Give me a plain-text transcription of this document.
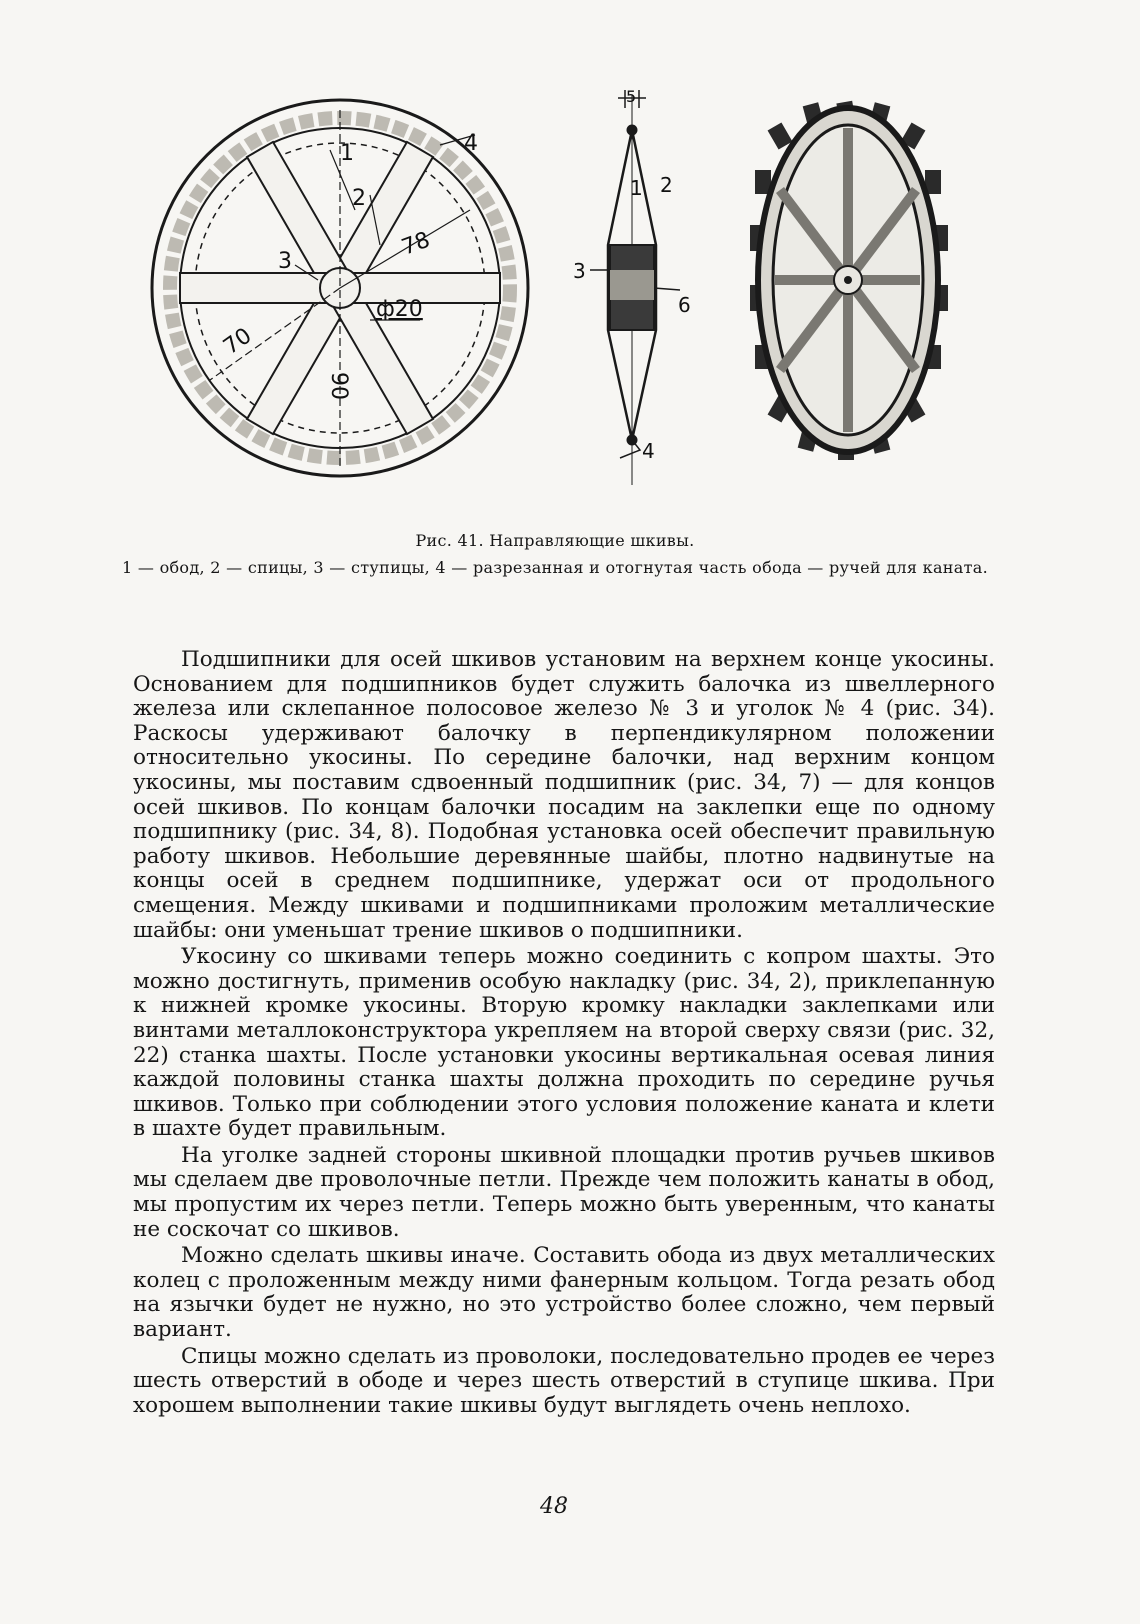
1
2
3
4
78
70
90
ф20
5
1 2
3
6
4
Рис. 41. Направляющие шкивы.
1 — обод, 2 — спицы, 3 — ступицы, 4 — разрезанная и отогнутая часть обода — ручей для каната.

Подшипники для осей шкивов установим на верхнем конце укосины. Основанием для подшипников будет служить балочка из швеллерного железа или склепанное полосовое железо № 3 и уголок № 4 (рис. 34). Раскосы удерживают балочку в перпендикулярном положении относительно укосины. По середине балочки, над верхним концом укосины, мы поставим сдвоенный подшипник (рис. 34, 7) — для концов осей шкивов. По концам балочки посадим на заклепки еще по одному подшипнику (рис. 34, 8). Подобная установка осей обеспечит правильную работу шкивов. Небольшие деревянные шайбы, плотно надвинутые на концы осей в среднем подшипнике, удержат оси от продольного смещения. Между шкивами и подшипниками проложим металлические шайбы: они уменьшат трение шкивов о подшипники.

Укосину со шкивами теперь можно соединить с копром шахты. Это можно достигнуть, применив особую накладку (рис. 34, 2), приклепанную к нижней кромке укосины. Вторую кромку накладки заклепками или винтами металлоконструктора укрепляем на второй сверху связи (рис. 32, 22) станка шахты. После установки укосины вертикальная осевая линия каждой половины станка шахты должна проходить по середине ручья шкивов. Только при соблюдении этого условия положение каната и клети в шахте будет правильным.

На уголке задней стороны шкивной площадки против ручьев шкивов мы сделаем две проволочные петли. Прежде чем положить канаты в обод, мы пропустим их через петли. Теперь можно быть уверенным, что канаты не соскочат со шкивов.

Можно сделать шкивы иначе. Составить обода из двух металлических колец с проложенным между ними фанерным кольцом. Тогда резать обод на язычки будет не нужно, но это устройство более сложно, чем первый вариант.

Спицы можно сделать из проволоки, последовательно продев ее через шесть отверстий в ободе и через шесть отверстий в ступице шкива. При хорошем выполнении такие шкивы будут выглядеть очень неплохо.

48
